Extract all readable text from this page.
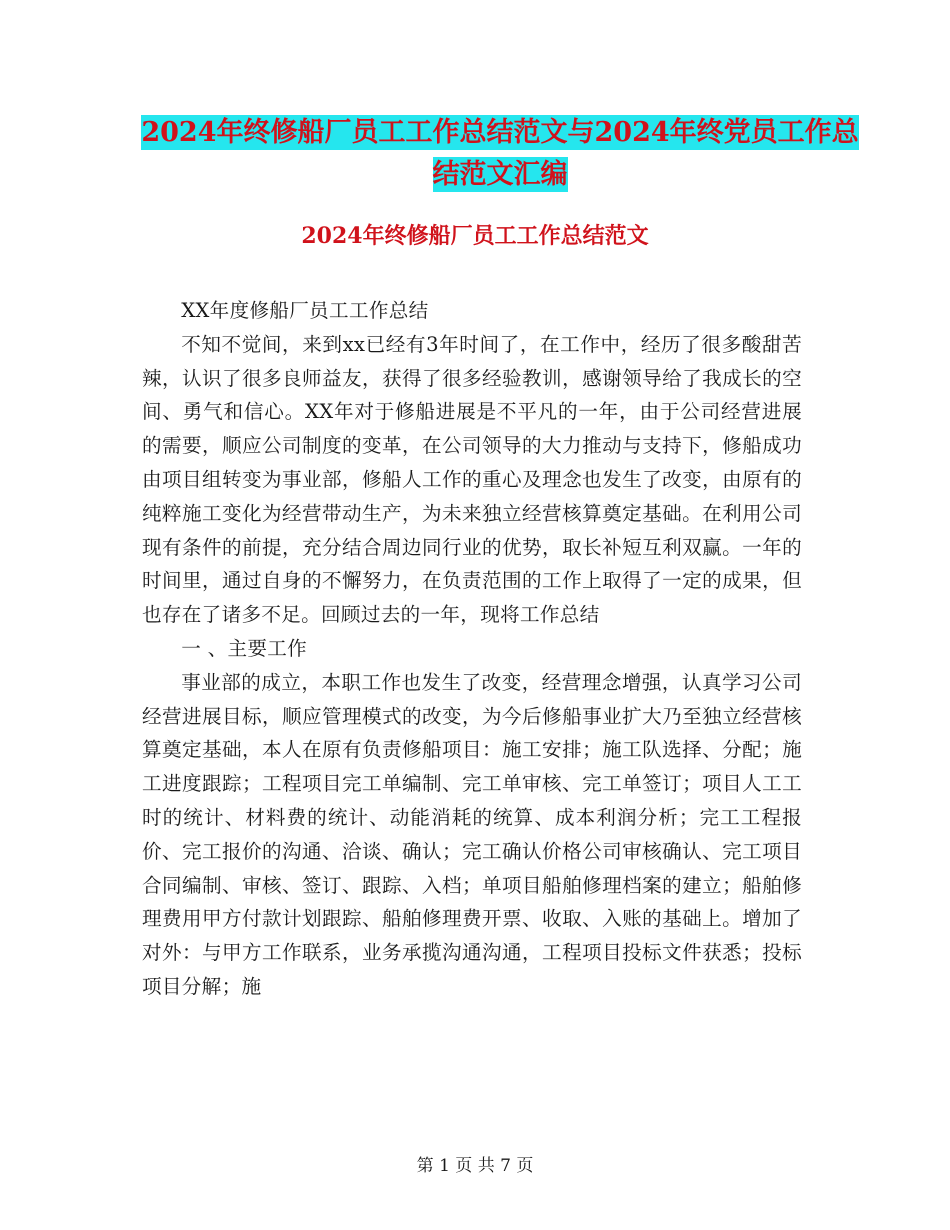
2024年终修船厂员工工作总结范文与2024年终党员工作总结范文汇编
2024年终修船厂员工工作总结范文

XX年度修船厂员工工作总结

不知不觉间，来到xx已经有3年时间了，在工作中，经历了很多酸甜苦辣，认识了很多良师益友，获得了很多经验教训，感谢领导给了我成长的空间、勇气和信心。XX年对于修船进展是不平凡的一年，由于公司经营进展的需要，顺应公司制度的变革，在公司领导的大力推动与支持下，修船成功由项目组转变为事业部，修船人工作的重心及理念也发生了改变，由原有的纯粹施工变化为经营带动生产，为未来独立经营核算奠定基础。在利用公司现有条件的前提，充分结合周边同行业的优势，取长补短互利双赢。一年的时间里，通过自身的不懈努力，在负责范围的工作上取得了一定的成果，但也存在了诸多不足。回顾过去的一年，现将工作总结

一 、主要工作

事业部的成立，本职工作也发生了改变，经营理念增强，认真学习公司经营进展目标，顺应管理模式的改变，为今后修船事业扩大乃至独立经营核算奠定基础，本人在原有负责修船项目：施工安排；施工队选择、分配；施工进度跟踪；工程项目完工单编制、完工单审核、完工单签订；项目人工工时的统计、材料费的统计、动能消耗的统算、成本利润分析；完工工程报价、完工报价的沟通、洽谈、确认；完工确认价格公司审核确认、完工项目合同编制、审核、签订、跟踪、入档；单项目船舶修理档案的建立；船舶修理费用甲方付款计划跟踪、船舶修理费开票、收取、入账的基础上。增加了对外：与甲方工作联系，业务承揽沟通沟通，工程项目投标文件获悉；投标项目分解；施

第 1 页 共 7 页
